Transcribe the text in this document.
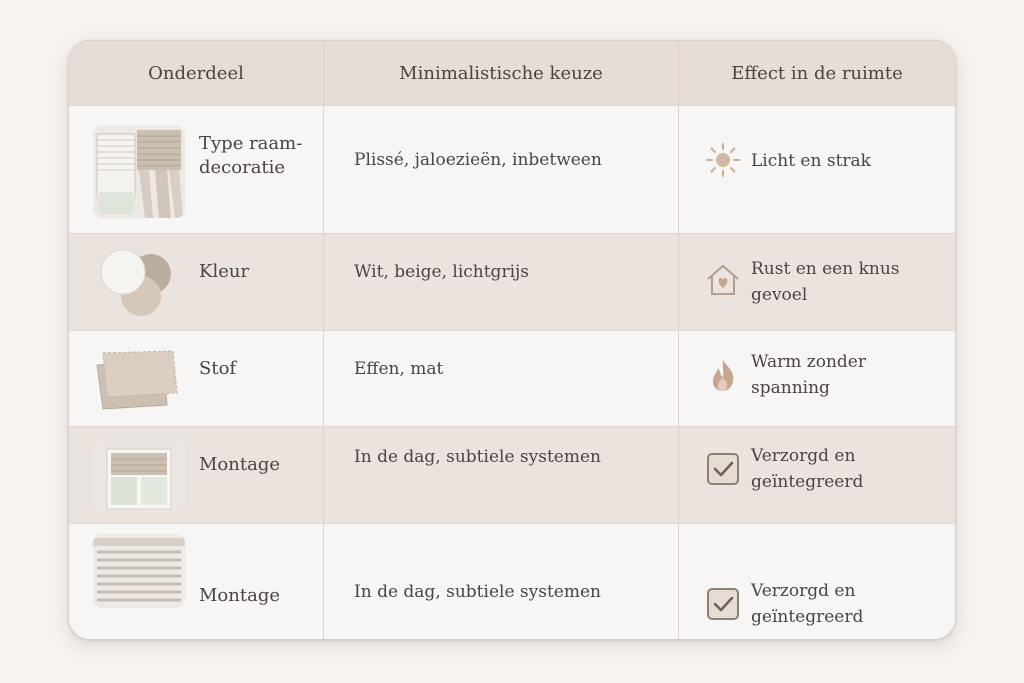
Onderdeel	Minimalistische keuze	Effect in de ruimte
Type raam-decoratie	Plissé, jaloezieën, inbetween	Licht en strak
Kleur	Wit, beige, lichtgrijs	Rust en een knus gevoel
Stof	Effen, mat	Warm zonder spanning
Montage	In de dag, subtiele systemen	Verzorgd en geïntegreerd
Montage	In de dag, subtiele systemen	Verzorgd en geïntegreerd
